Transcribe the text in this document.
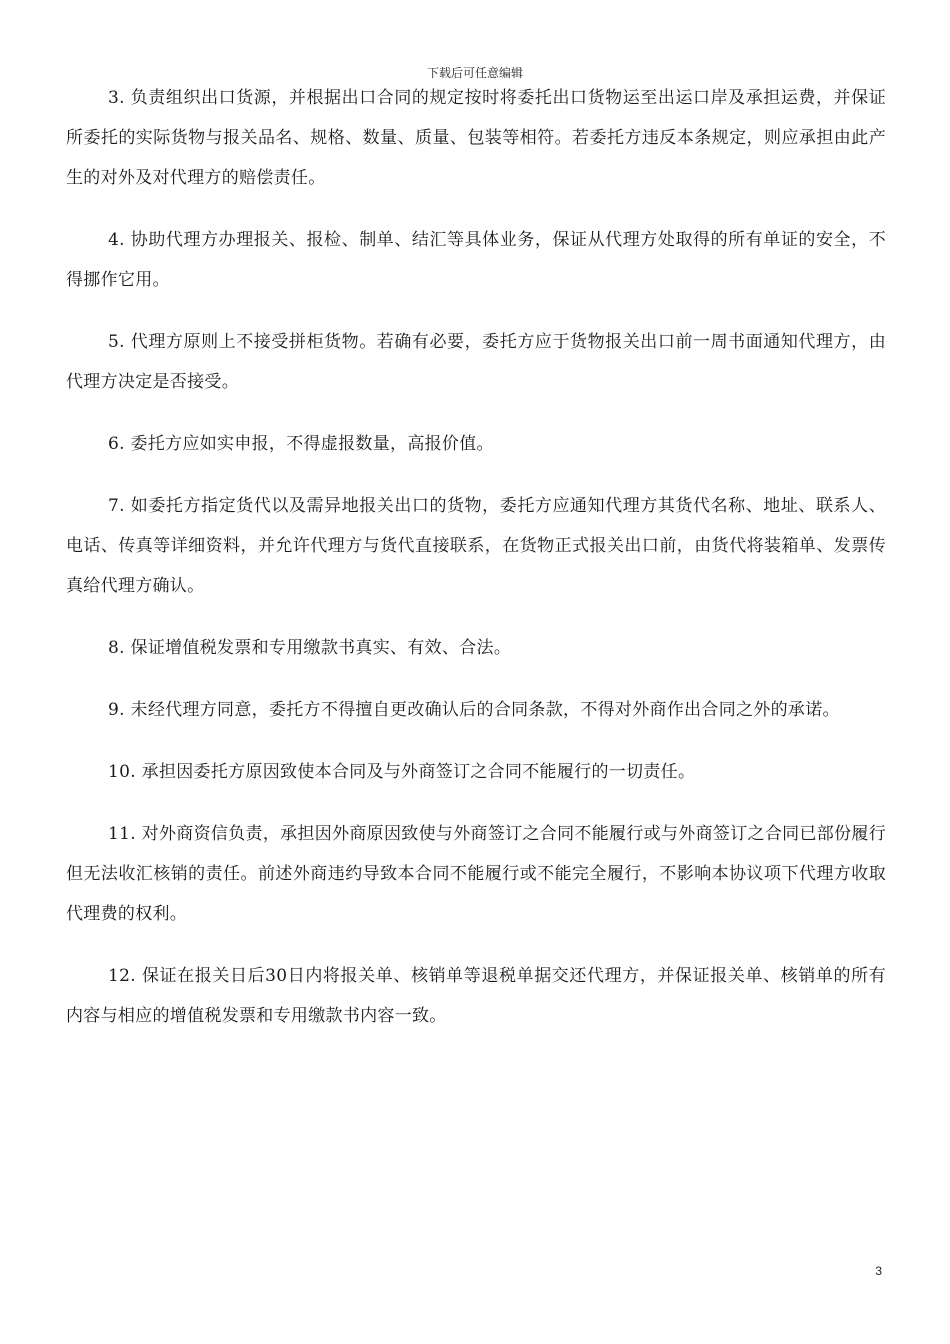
下载后可任意编辑

3. 负责组织出口货源，并根据出口合同的规定按时将委托出口货物运至出运口岸及承担运费，并保证所委托的实际货物与报关品名、规格、数量、质量、包装等相符。若委托方违反本条规定，则应承担由此产生的对外及对代理方的赔偿责任。

4. 协助代理方办理报关、报检、制单、结汇等具体业务，保证从代理方处取得的所有单证的安全，不得挪作它用。

5. 代理方原则上不接受拼柜货物。若确有必要，委托方应于货物报关出口前一周书面通知代理方，由代理方决定是否接受。

6. 委托方应如实申报，不得虚报数量，高报价值。

7. 如委托方指定货代以及需异地报关出口的货物，委托方应通知代理方其货代名称、地址、联系人、电话、传真等详细资料，并允许代理方与货代直接联系，在货物正式报关出口前，由货代将装箱单、发票传真给代理方确认。

8. 保证增值税发票和专用缴款书真实、有效、合法。

9. 未经代理方同意，委托方不得擅自更改确认后的合同条款，不得对外商作出合同之外的承诺。

10. 承担因委托方原因致使本合同及与外商签订之合同不能履行的一切责任。

11. 对外商资信负责，承担因外商原因致使与外商签订之合同不能履行或与外商签订之合同已部份履行但无法收汇核销的责任。前述外商违约导致本合同不能履行或不能完全履行，不影响本协议项下代理方收取代理费的权利。

12. 保证在报关日后30日内将报关单、核销单等退税单据交还代理方，并保证报关单、核销单的所有内容与相应的增值税发票和专用缴款书内容一致。

3
